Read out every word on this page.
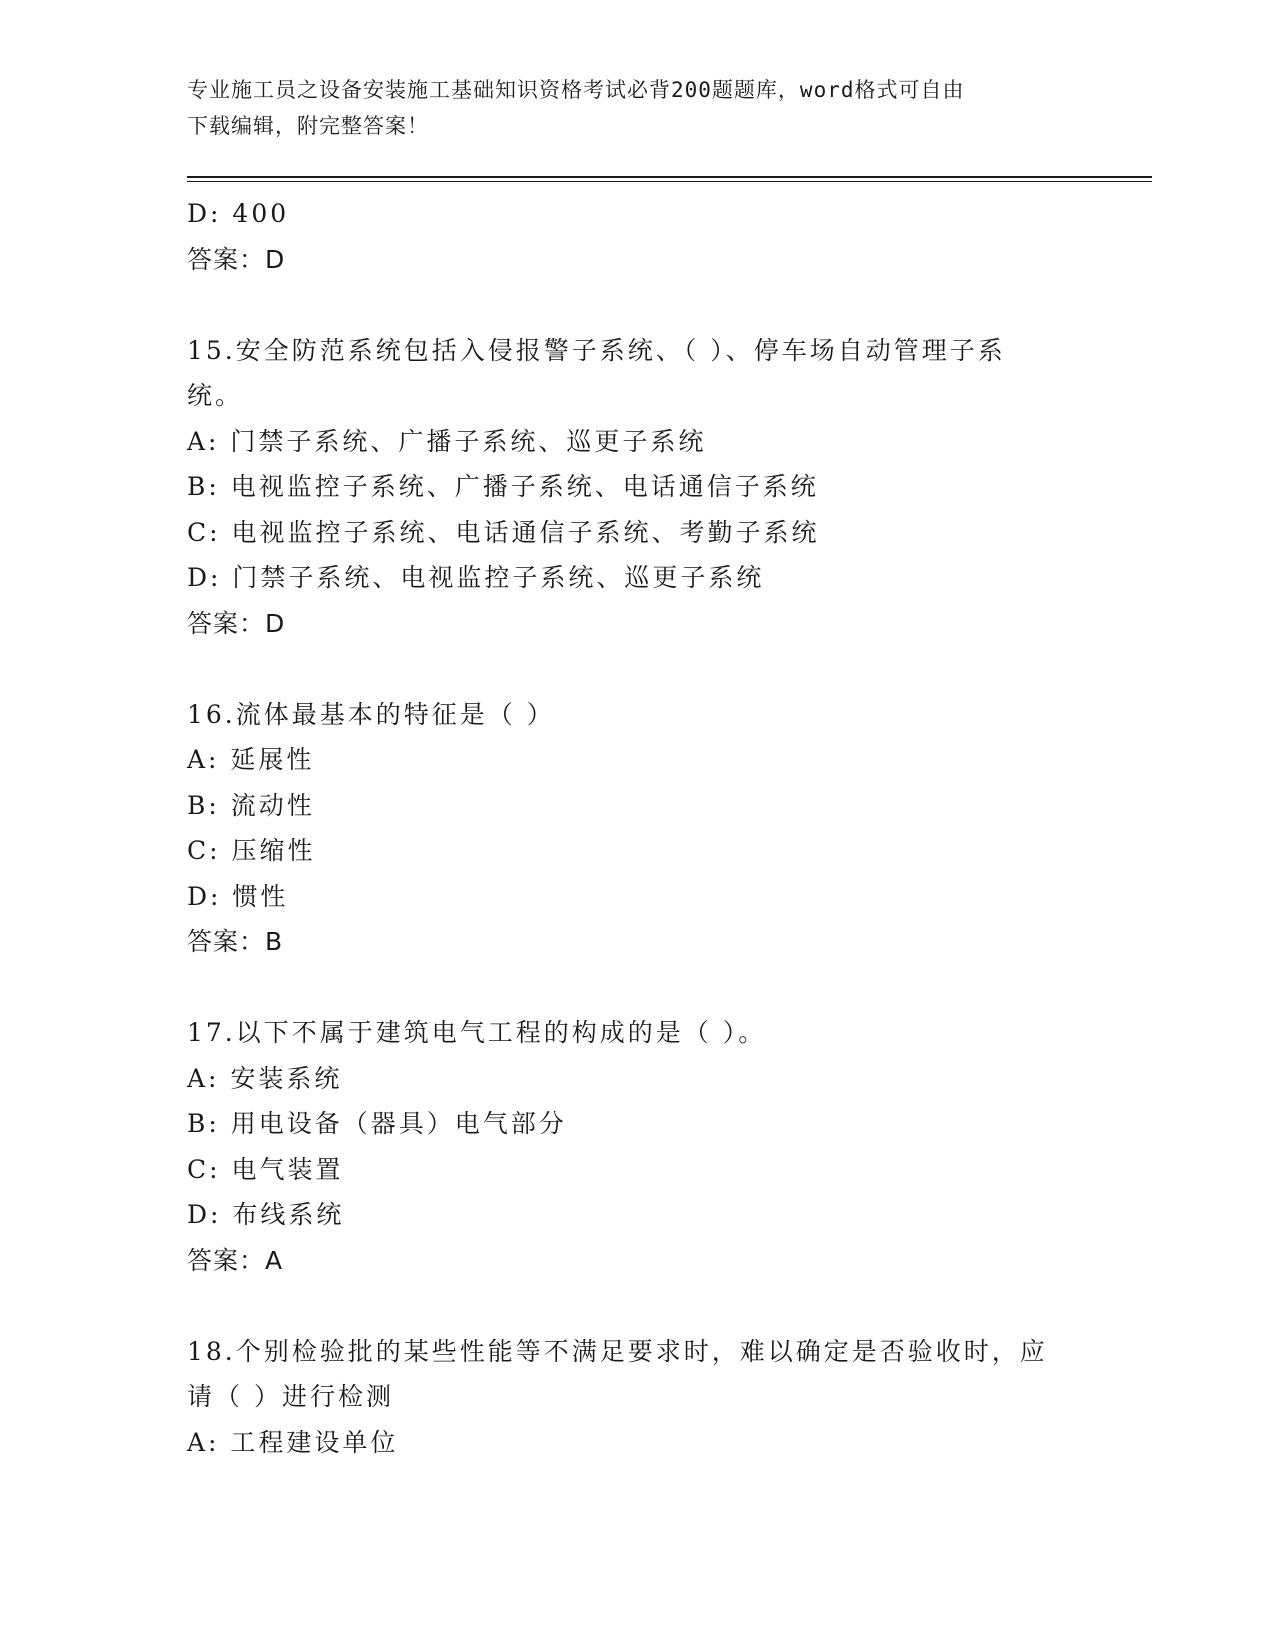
专业施工员之设备安装施工基础知识资格考试必背200题题库，word格式可自由
下载编辑，附完整答案！
D: 400
答案：D
15.安全防范系统包括入侵报警子系统、（ ）、停车场自动管理子系
统。
A: 门禁子系统、广播子系统、巡更子系统
B: 电视监控子系统、广播子系统、电话通信子系统
C: 电视监控子系统、电话通信子系统、考勤子系统
D: 门禁子系统、电视监控子系统、巡更子系统
答案：D
16.流体最基本的特征是（ ）
A: 延展性
B: 流动性
C: 压缩性
D: 惯性
答案：B
17.以下不属于建筑电气工程的构成的是（ ）。
A: 安装系统
B: 用电设备（器具）电气部分
C: 电气装置
D: 布线系统
答案：A
18.个别检验批的某些性能等不满足要求时，难以确定是否验收时，应
请（ ）进行检测
A: 工程建设单位
